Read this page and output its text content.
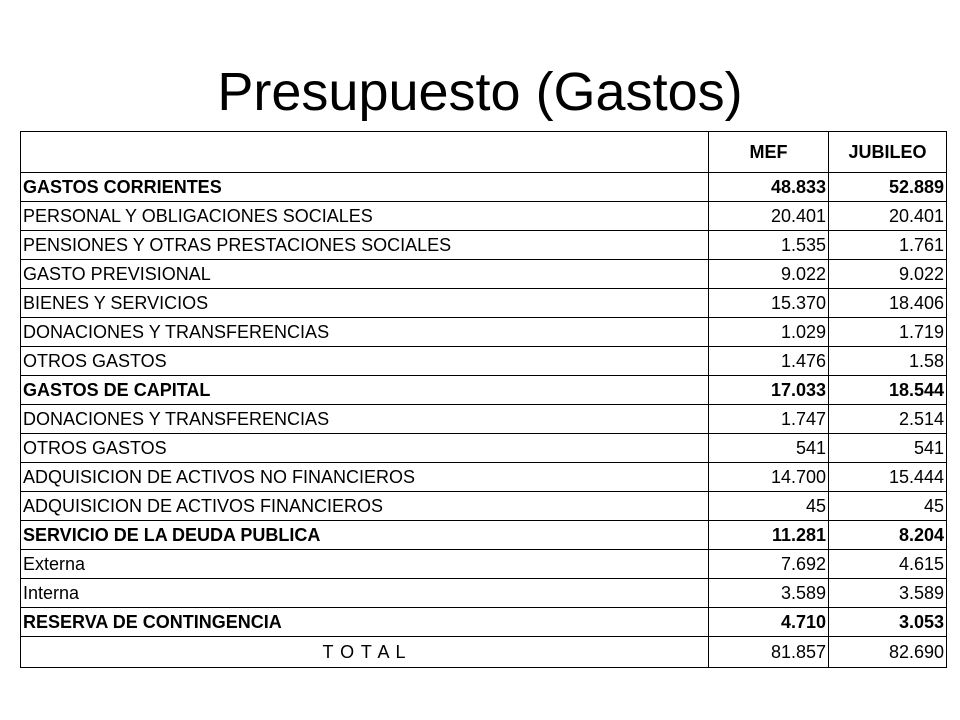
Presupuesto (Gastos)
	MEF	JUBILEO
GASTOS CORRIENTES	48.833	52.889
PERSONAL Y OBLIGACIONES SOCIALES	20.401	20.401
PENSIONES Y OTRAS PRESTACIONES SOCIALES	1.535	1.761
GASTO PREVISIONAL	9.022	9.022
BIENES Y SERVICIOS	15.370	18.406
DONACIONES Y TRANSFERENCIAS	1.029	1.719
OTROS GASTOS	1.476	1.58
GASTOS DE CAPITAL	17.033	18.544
DONACIONES Y TRANSFERENCIAS	1.747	2.514
OTROS GASTOS	541	541
ADQUISICION DE ACTIVOS NO FINANCIEROS	14.700	15.444
ADQUISICION DE ACTIVOS FINANCIEROS	45	45
SERVICIO DE LA DEUDA PUBLICA	11.281	8.204
Externa	7.692	4.615
Interna	3.589	3.589
RESERVA DE CONTINGENCIA	4.710	3.053
T O T A L	81.857	82.690
